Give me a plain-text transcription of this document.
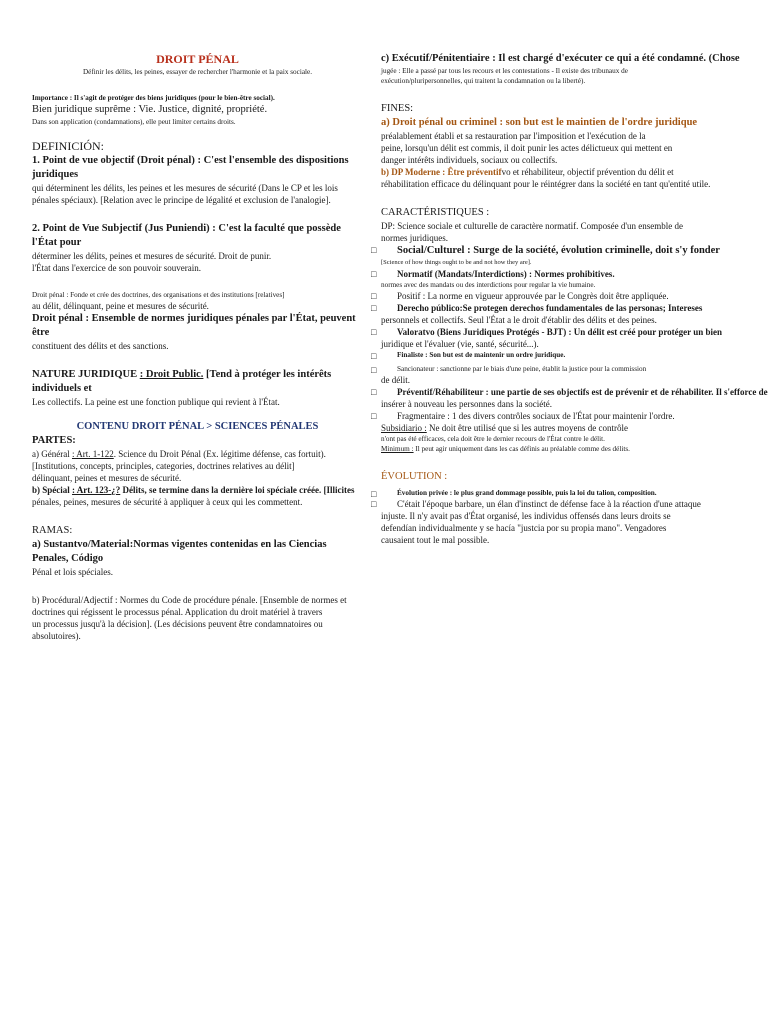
DROIT PÉNAL

Définir les délits, les peines, essayer de rechercher l'harmonie et la paix sociale.

Importance : Il s'agit de protéger des biens juridiques (pour le bien-être social).

Bien juridique suprême : Vie. Justice, dignité, propriété.

Dans son application (condamnations), elle peut limiter certains droits.

DEFINICIÓN:

1. Point de vue objectif (Droit pénal) : C'est l'ensemble des dispositions juridiques

qui déterminent les délits, les peines et les mesures de sécurité (Dans le CP et les lois

pénales spéciaux). [Relation avec le principe de légalité et exclusion de l'analogie].

2. Point de Vue Subjectif (Jus Puniendi) : C'est la faculté que possède l'État pour

déterminer les délits, peines et mesures de sécurité. Droit de punir.

l'État dans l'exercice de son pouvoir souverain.

Droit pénal : Fonde et crée des doctrines, des organisations et des institutions [relatives]

au délit, délinquant, peine et mesures de sécurité.

Droit pénal : Ensemble de normes juridiques pénales par l'État, peuvent être

constituent des délits et des sanctions.

NATURE JURIDIQUE : Droit Public. [Tend à protéger les intérêts individuels et

Les collectifs. La peine est une fonction publique qui revient à l'État.

CONTENU DROIT PÉNAL > SCIENCES PÉNALES

PARTES:

a) Général : Art. 1-122. Science du Droit Pénal (Ex. légitime défense, cas fortuit).

[Institutions, concepts, principles, categories, doctrines relatives au délit]

délinquant, peines et mesures de sécurité.

b) Spécial : Art. 123-¿? Délits, se termine dans la dernière loi spéciale créée. [Illicites

pénales, peines, mesures de sécurité à appliquer à ceux qui les commettent.

RAMAS:

a) Sustantvo/Material:Normas vigentes contenidas en las Ciencias Penales, Código

Pénal et lois spéciales.

b) Procédural/Adjectif : Normes du Code de procédure pénale. [Ensemble de normes et

doctrines qui régissent le processus pénal. Application du droit matériel à travers

un processus jusqu'à la décision]. (Les décisions peuvent être condamnatoires ou

absolutoires).

c) Exécutif/Pénitentiaire : Il est chargé d'exécuter ce qui a été condamné. (Chose

jugée : Elle a passé par tous les recours et les contestations - Il existe des tribunaux de

exécution/pluripersonnelles, qui traitent la condamnation ou la liberté).

FINES:

a) Droit pénal ou criminel : son but est le maintien de l'ordre juridique

préalablement établi et sa restauration par l'imposition et l'exécution de la

peine, lorsqu'un délit est commis, il doit punir les actes délictueux qui mettent en

danger intérêts individuels, sociaux ou collectifs.

b) DP Moderne : Être préventifvo et réhabiliteur, objectif prévention du délit et

réhabilitation efficace du délinquant pour le réintégrer dans la société en tant qu'entité utile.

CARACTÉRISTIQUES :

DP: Science sociale et culturelle de caractère normatif. Composée d'un ensemble de

normes juridiques.

□ Social/Culturel : Surge de la société, évolution criminelle, doit s'y fonder

[Science of how things ought to be and not how they are].

□ Normatif (Mandats/Interdictions) : Normes prohibitives.

normes avec des mandats ou des interdictions pour regular la vie humaine.

□ Positif : La norme en vigueur approuvée par le Congrès doit être appliquée.

□ Derecho público:Se protegen derechos fundamentales de las personas; Intereses

personnels et collectifs. Seul l'État a le droit d'établir des délits et des peines.

□ Valoratvo (Biens Juridiques Protégés - BJT) : Un délit est créé pour protéger un bien

juridique et l'évaluer (vie, santé, sécurité...).

□	Finaliste : Son but est de maintenir un ordre juridique.

□	Sancionateur : sanctionne par le biais d'une peine, établit la justice pour la commission

de délit.

□ Préventif/Réhabiliteur : une partie de ses objectifs est de prévenir et de réhabiliter. Il s'efforce de

insérer à nouveau les personnes dans la société.

□ Fragmentaire : 1 des divers contrôles sociaux de l'État pour maintenir l'ordre.

Subsidiario : Ne doit être utilisé que si les autres moyens de contrôle

n'ont pas été efficaces, cela doit être le dernier recours de l'État contre le délit.

Minimum : Il peut agir uniquement dans les cas définis au préalable comme des délits.

ÉVOLUTION :

□	Évolution privée : le plus grand dommage possible, puis la loi du talion, composition.

□ C'était l'époque barbare, un élan d'instinct de défense face à la réaction d'une attaque

injuste. Il n'y avait pas d'État organisé, les individus offensés dans leurs droits se

defendían individualmente y se hacía "justcia por su propia mano". Vengadores

causaient tout le mal possible.
